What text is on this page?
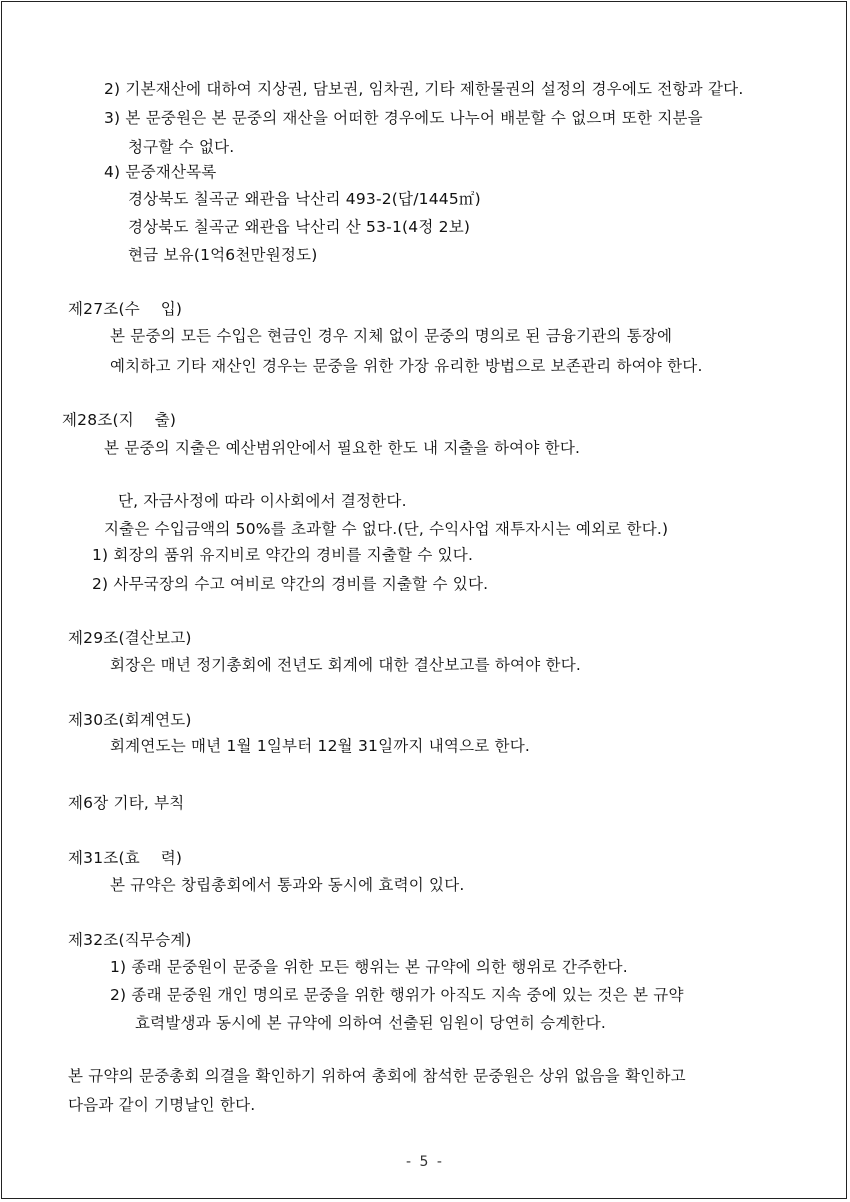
2) 기본재산에 대하여 지상권, 담보권, 임차권, 기타 제한물권의 설정의 경우에도 전항과 같다.
3) 본 문중원은 본 문중의 재산을 어떠한 경우에도 나누어 배분할 수 없으며 또한 지분을
청구할 수 없다.
4) 문중재산목록
경상북도 칠곡군 왜관읍 낙산리 493-2(답/1445㎡)
경상북도 칠곡군 왜관읍 낙산리 산 53-1(4정 2보)
현금 보유(1억6천만원정도)
제27조(수　 입)
본 문중의 모든 수입은 현금인 경우 지체 없이 문중의 명의로 된 금융기관의 통장에
예치하고 기타 재산인 경우는 문중을 위한 가장 유리한 방법으로 보존관리 하여야 한다.
제28조(지 　출)
본 문중의 지출은 예산범위안에서 필요한 한도 내 지출을 하여야 한다.
단, 자금사정에 따라 이사회에서 결정한다.
지출은 수입금액의 50%를 초과할 수 없다.(단, 수익사업 재투자시는 예외로 한다.)
1) 회장의 품위 유지비로 약간의 경비를 지출할 수 있다.
2) 사무국장의 수고 여비로 약간의 경비를 지출할 수 있다.
제29조(결산보고)
회장은 매년 정기총회에 전년도 회계에 대한 결산보고를 하여야 한다.
제30조(회계연도)
회계연도는 매년 1월 1일부터 12월 31일까지 내역으로 한다.
제6장 기타, 부칙
제31조(효 　력)
본 규약은 창립총회에서 통과와 동시에 효력이 있다.
제32조(직무승계)
1) 종래 문중원이 문중을 위한 모든 행위는 본 규약에 의한 행위로 간주한다.
2) 종래 문중원 개인 명의로 문중을 위한 행위가 아직도 지속 중에 있는 것은 본 규약
효력발생과 동시에 본 규약에 의하여 선출된 임원이 당연히 승계한다.
본 규약의 문중총회 의결을 확인하기 위하여 총회에 참석한 문중원은 상위 없음을 확인하고
다음과 같이 기명날인 한다.
- 5 -
